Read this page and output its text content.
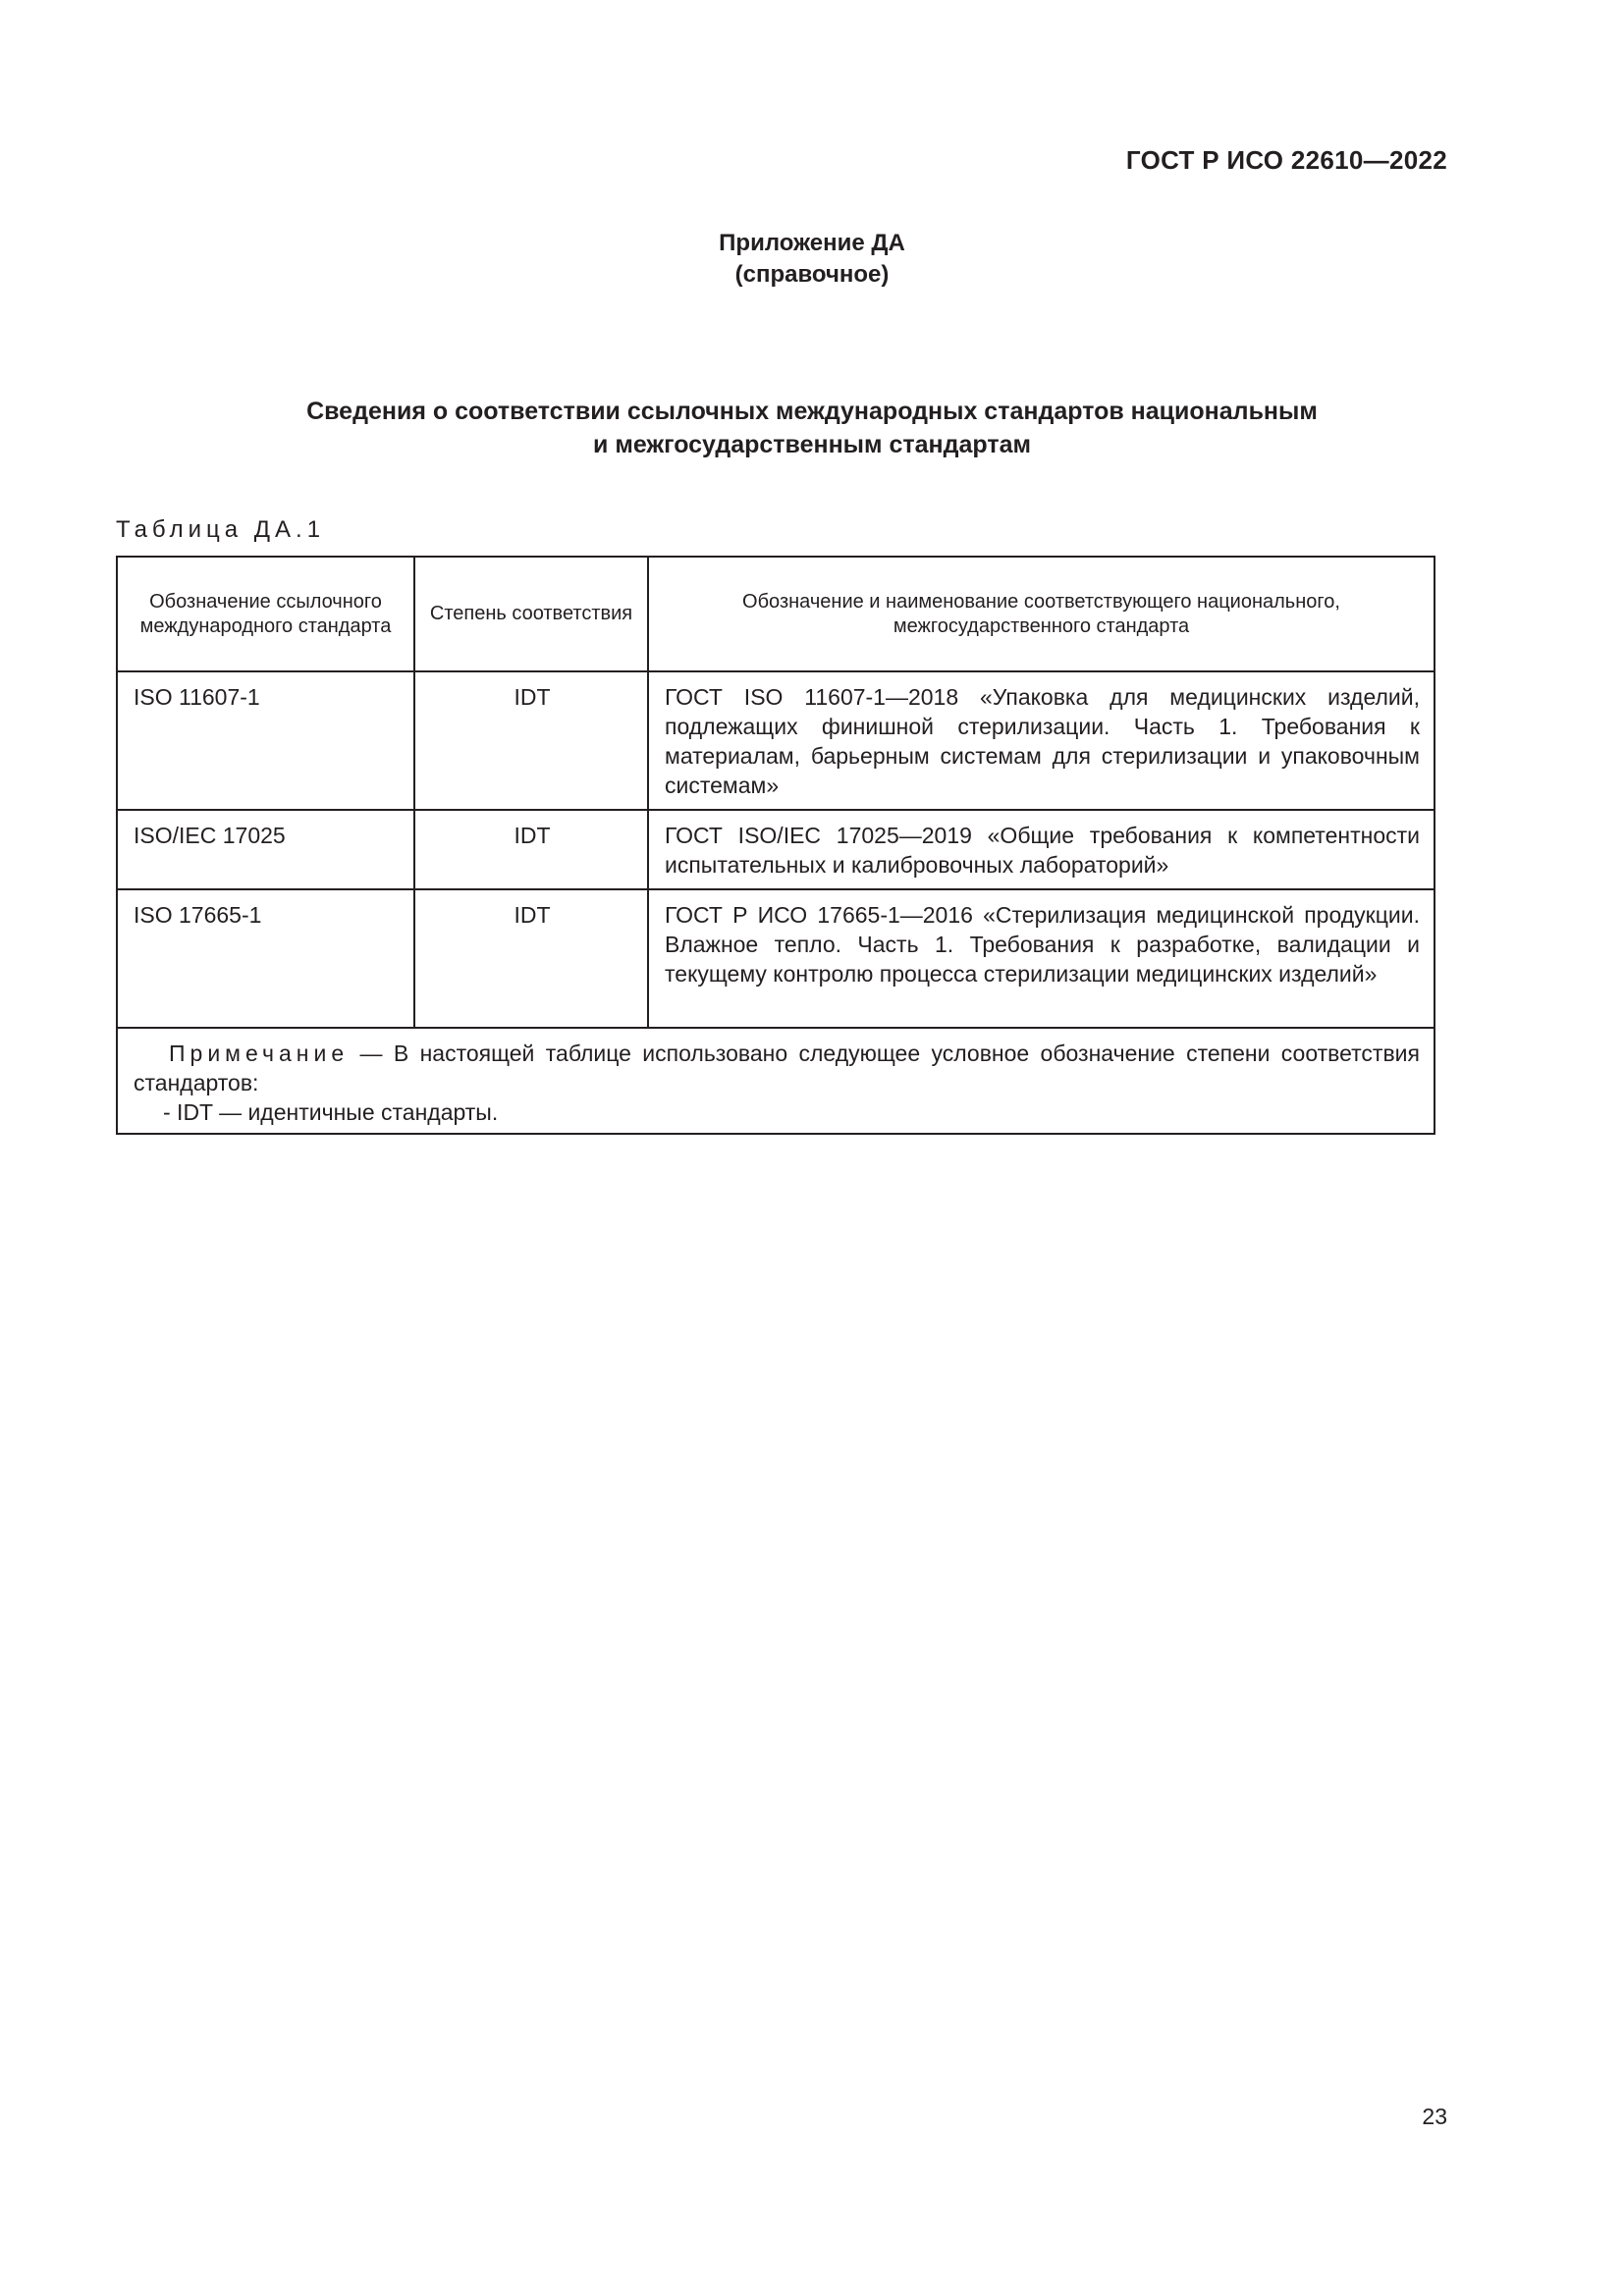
ГОСТ Р ИСО 22610—2022
Приложение ДА
(справочное)
Сведения о соответствии ссылочных международных стандартов национальным
и межгосударственным стандартам
Таблица ДА.1
Обозначение ссылочного международного стандарта	Степень соответствия	Обозначение и наименование соответствующего национального, межгосударственного стандарта
ISO 11607-1	IDT	ГОСТ ISO 11607-1—2018 «Упаковка для медицинских изделий, подлежащих финишной стерилизации. Часть 1. Требования к материалам, барьерным системам для стерилизации и упаковочным системам»
ISO/IEC 17025	IDT	ГОСТ ISO/IEC 17025—2019 «Общие требования к компетентности испытательных и калибровочных лабораторий»
ISO 17665-1	IDT	ГОСТ Р ИСО 17665-1—2016 «Стерилизация медицинской продукции. Влажное тепло. Часть 1. Требования к разработке, валидации и текущему контролю процесса стерилизации медицинских изделий»

Примечание — В настоящей таблице использовано следующее условное обозначение степени соответствия стандартов:
- IDT — идентичные стандарты.		
23
